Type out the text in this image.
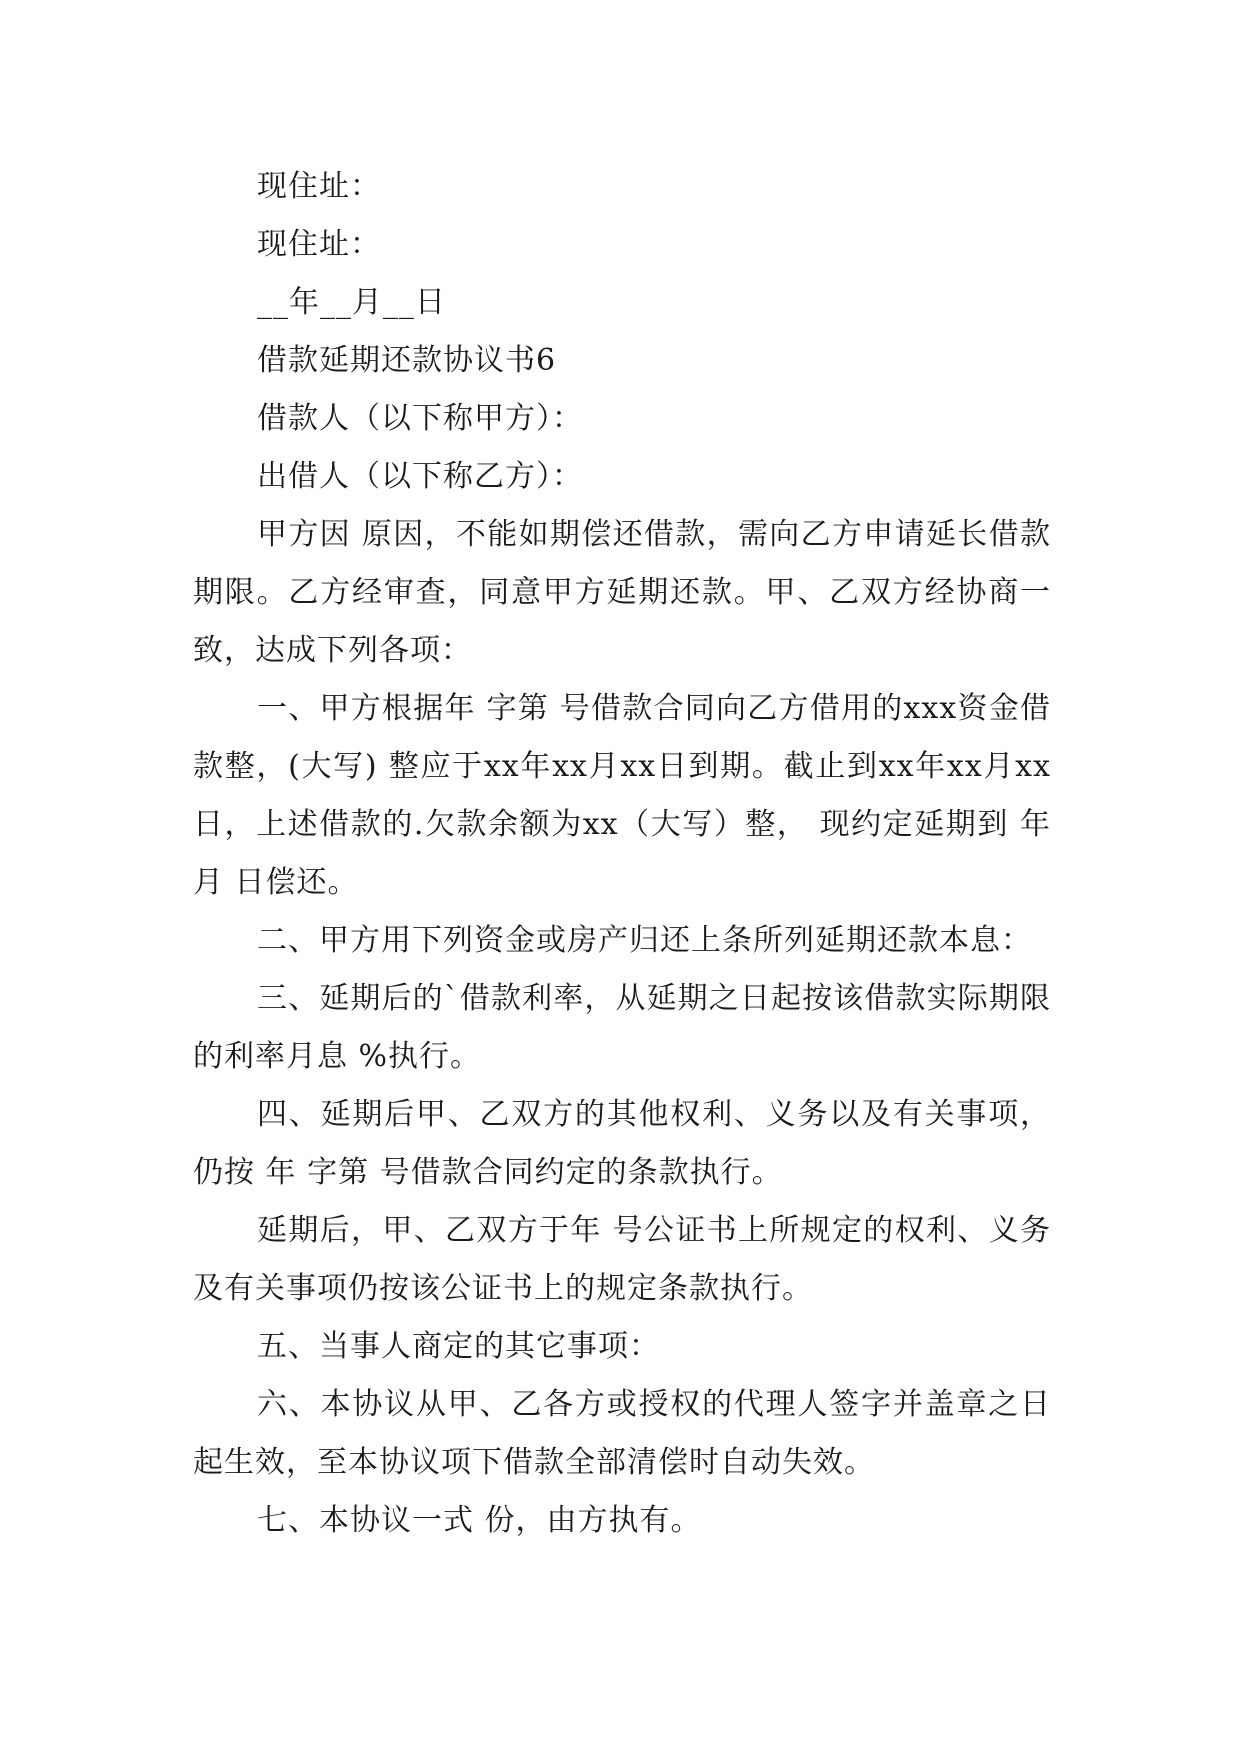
现住址：

现住址：

__年__月__日

借款延期还款协议书6

借款人（以下称甲方）：

出借人（以下称乙方）：

甲方因 原因，不能如期偿还借款，需向乙方申请延长借款期限。乙方经审查，同意甲方延期还款。甲、乙双方经协商一致，达成下列各项：

一、甲方根据年 字第 号借款合同向乙方借用的xxx资金借款整，(大写) 整应于xx年xx月xx日到期。截止到xx年xx月xx日，上述借款的.欠款余额为xx（大写）整， 现约定延期到 年 月 日偿还。

二、甲方用下列资金或房产归还上条所列延期还款本息：

三、延期后的`借款利率，从延期之日起按该借款实际期限的利率月息 %执行。

四、延期后甲、乙双方的其他权利、义务以及有关事项，仍按 年 字第 号借款合同约定的条款执行。

延期后，甲、乙双方于年 号公证书上所规定的权利、义务及有关事项仍按该公证书上的规定条款执行。

五、当事人商定的其它事项：

六、本协议从甲、乙各方或授权的代理人签字并盖章之日起生效，至本协议项下借款全部清偿时自动失效。

七、本协议一式 份，由方执有。
